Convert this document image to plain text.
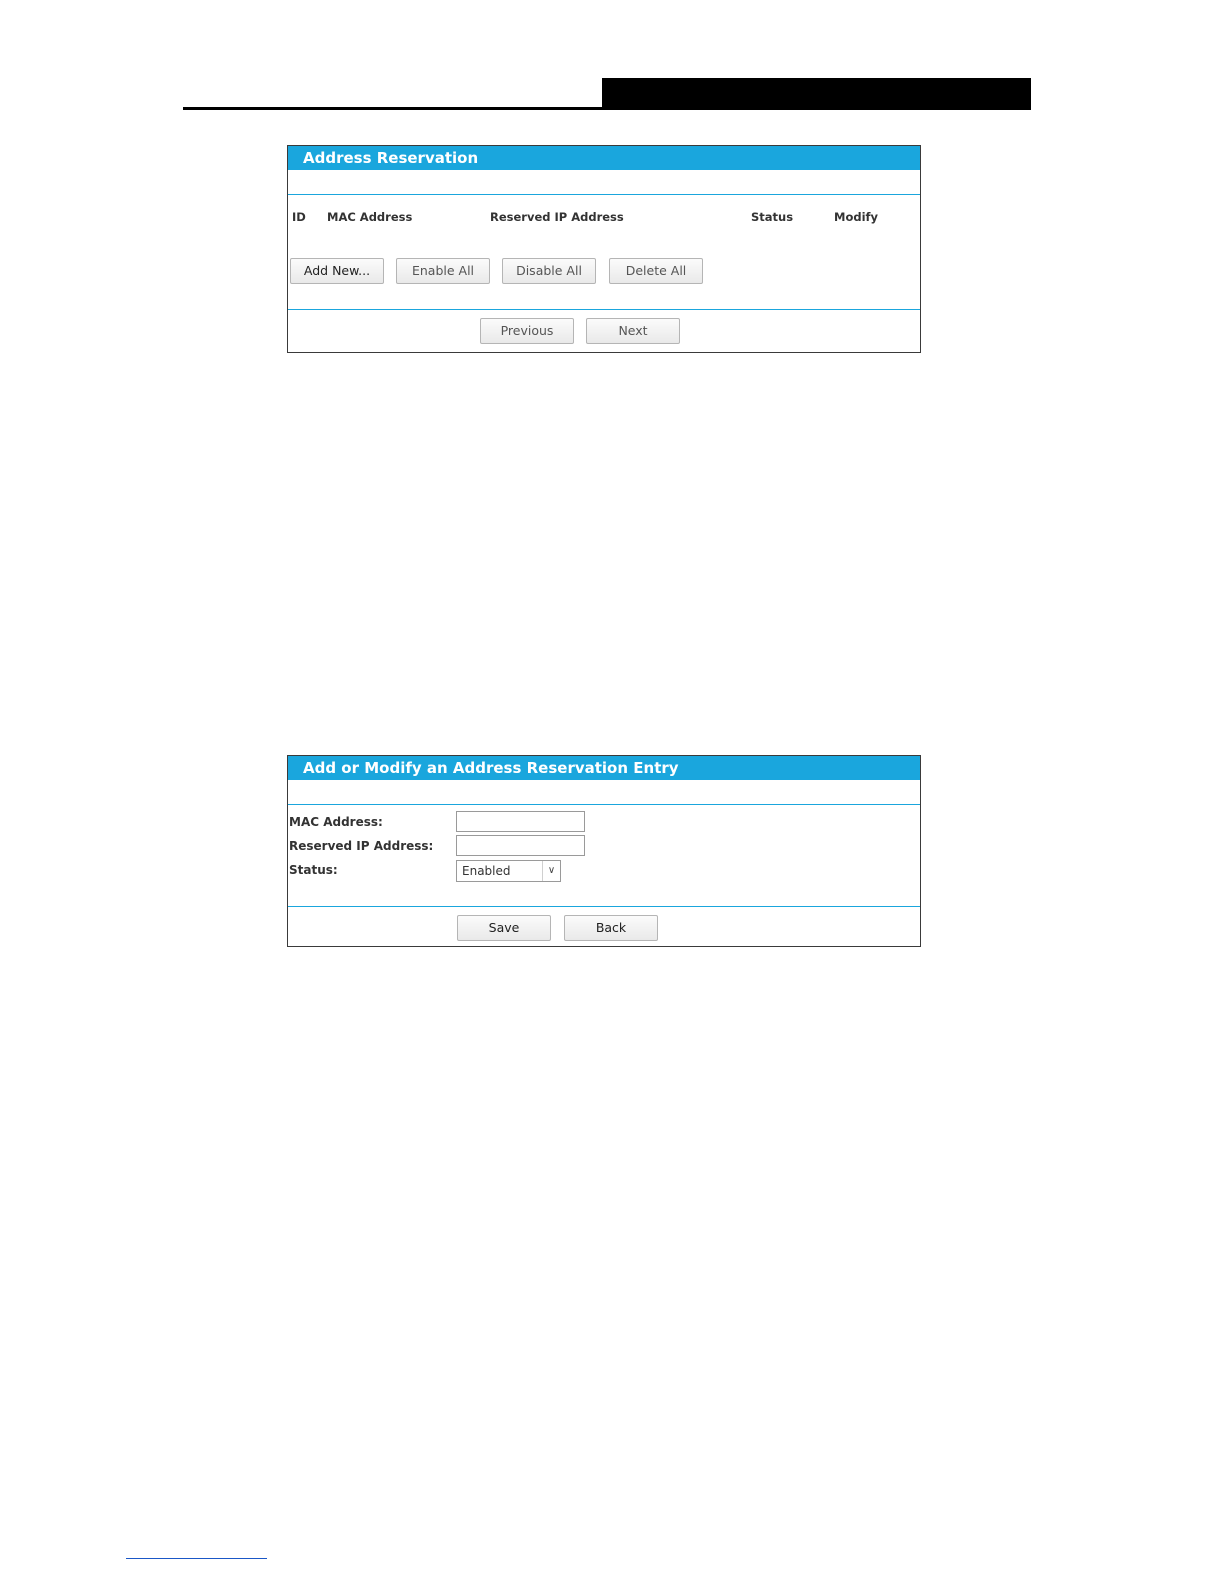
Address Reservation
ID MAC Address	Reserved IP Address	Status	Modify
Add New...	Enable All	Disable All	Delete All
Previous	Next
Add or Modify an Address Reservation Entry
MAC Address:
Reserved IP Address:
Status:	Enabled	∨
Save	Back
